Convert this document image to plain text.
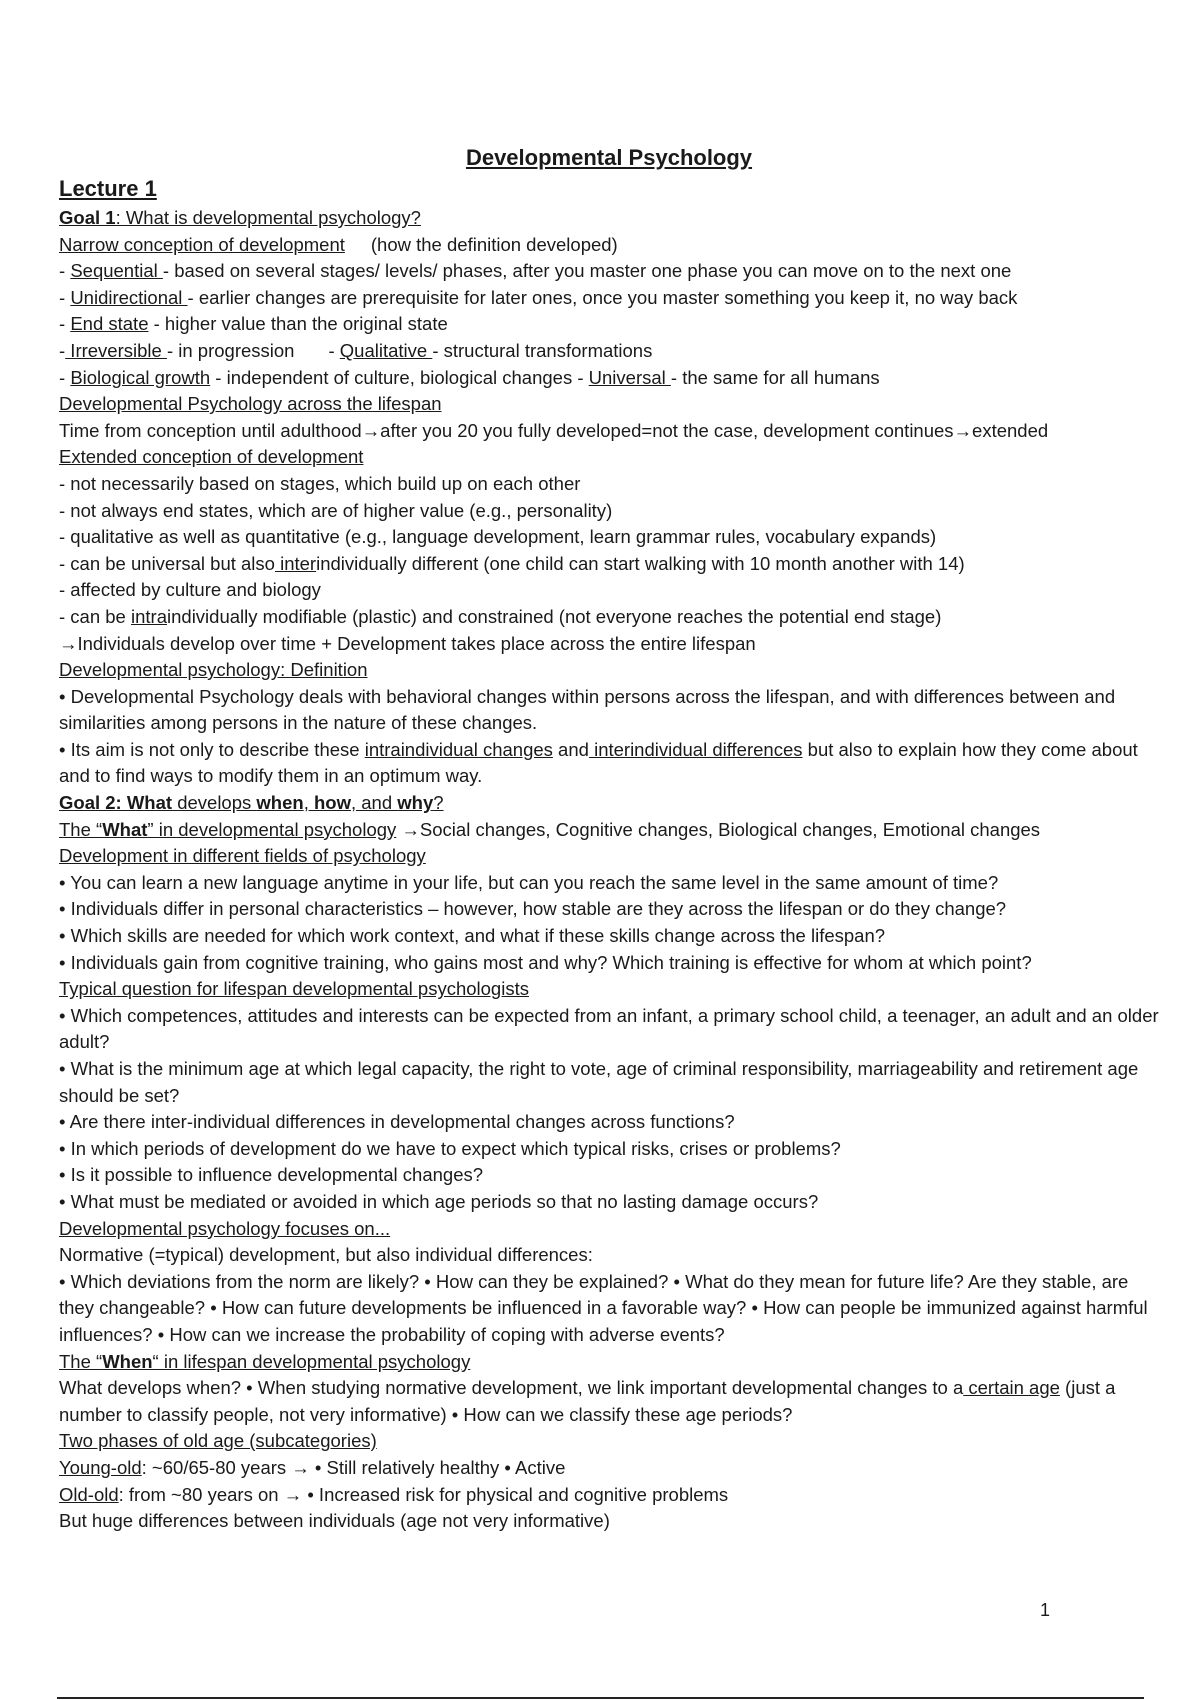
Developmental Psychology

Lecture 1

Goal 1: What is developmental psychology?

Narrow conception of development (how the definition developed)

- Sequential - based on several stages/ levels/ phases, after you master one phase you can move on to the next one

- Unidirectional - earlier changes are prerequisite for later ones, once you master something you keep it, no way back

- End state - higher value than the original state

- Irreversible - in progression - Qualitative - structural transformations

- Biological growth - independent of culture, biological changes - Universal - the same for all humans

Developmental Psychology across the lifespan

Time from conception until adulthood→after you 20 you fully developed=not the case, development continues→extended

Extended conception of development

- not necessarily based on stages, which build up on each other

- not always end states, which are of higher value (e.g., personality)

- qualitative as well as quantitative (e.g., language development, learn grammar rules, vocabulary expands)

- can be universal but also interindividually different (one child can start walking with 10 month another with 14)

- affected by culture and biology

- can be intraindividually modifiable (plastic) and constrained (not everyone reaches the potential end stage)

→Individuals develop over time + Development takes place across the entire lifespan

Developmental psychology: Definition

• Developmental Psychology deals with behavioral changes within persons across the lifespan, and with differences between and similarities among persons in the nature of these changes.

• Its aim is not only to describe these intraindividual changes and interindividual differences but also to explain how they come about and to find ways to modify them in an optimum way.

Goal 2: What develops when, how, and why?

The “What” in developmental psychology →Social changes, Cognitive changes, Biological changes, Emotional changes

Development in different fields of psychology

• You can learn a new language anytime in your life, but can you reach the same level in the same amount of time?

• Individuals differ in personal characteristics – however, how stable are they across the lifespan or do they change?

• Which skills are needed for which work context, and what if these skills change across the lifespan?

• Individuals gain from cognitive training, who gains most and why? Which training is effective for whom at which point?

Typical question for lifespan developmental psychologists

• Which competences, attitudes and interests can be expected from an infant, a primary school child, a teenager, an adult and an older adult?

• What is the minimum age at which legal capacity, the right to vote, age of criminal responsibility, marriageability and retirement age should be set?

• Are there inter-individual differences in developmental changes across functions?

• In which periods of development do we have to expect which typical risks, crises or problems?

• Is it possible to influence developmental changes?

• What must be mediated or avoided in which age periods so that no lasting damage occurs?

Developmental psychology focuses on...

Normative (=typical) development, but also individual differences:

• Which deviations from the norm are likely? • How can they be explained? • What do they mean for future life? Are they stable, are they changeable? • How can future developments be influenced in a favorable way? • How can people be immunized against harmful influences? • How can we increase the probability of coping with adverse events?

The “When“ in lifespan developmental psychology

What develops when? • When studying normative development, we link important developmental changes to a certain age (just a number to classify people, not very informative) • How can we classify these age periods?

Two phases of old age (subcategories)

Young-old: ~60/65-80 years → • Still relatively healthy • Active

Old-old: from ~80 years on → • Increased risk for physical and cognitive problems

But huge differences between individuals (age not very informative)

1
